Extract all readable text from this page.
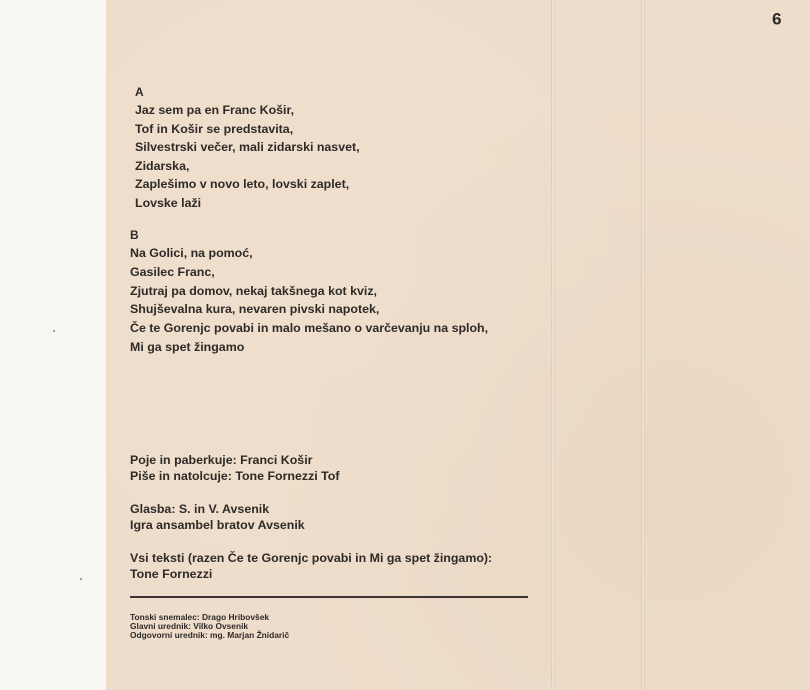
9
A
Jaz sem pa en Franc Košir,
Tof in Košir se predstavita,
Silvestrski večer, mali zidarski nasvet,
Zidarska,
Zaplešimo v novo leto, lovski zaplet,
Lovske laži
B
Na Golici, na pomoć,
Gasilec Franc,
Zjutraj pa domov, nekaj takšnega kot kviz,
Shujševalna kura, nevaren pivski napotek,
Če te Gorenjc povabi in malo mešano o varčevanju na sploh,
Mi ga spet žingamo
Poje in paberkuje: Franci Košir
Piše in natolcuje: Tone Fornezzi Tof
Glasba: S. in V. Avsenik
Igra ansambel bratov Avsenik
Vsi teksti (razen Če te Gorenjc povabi in Mi ga spet žingamo):
Tone Fornezzi
Tonski snemalec: Drago Hribovšek
Glavni urednik: Vilko Ovsenik
Odgovorni urednik: mg. Marjan Žnidarič
